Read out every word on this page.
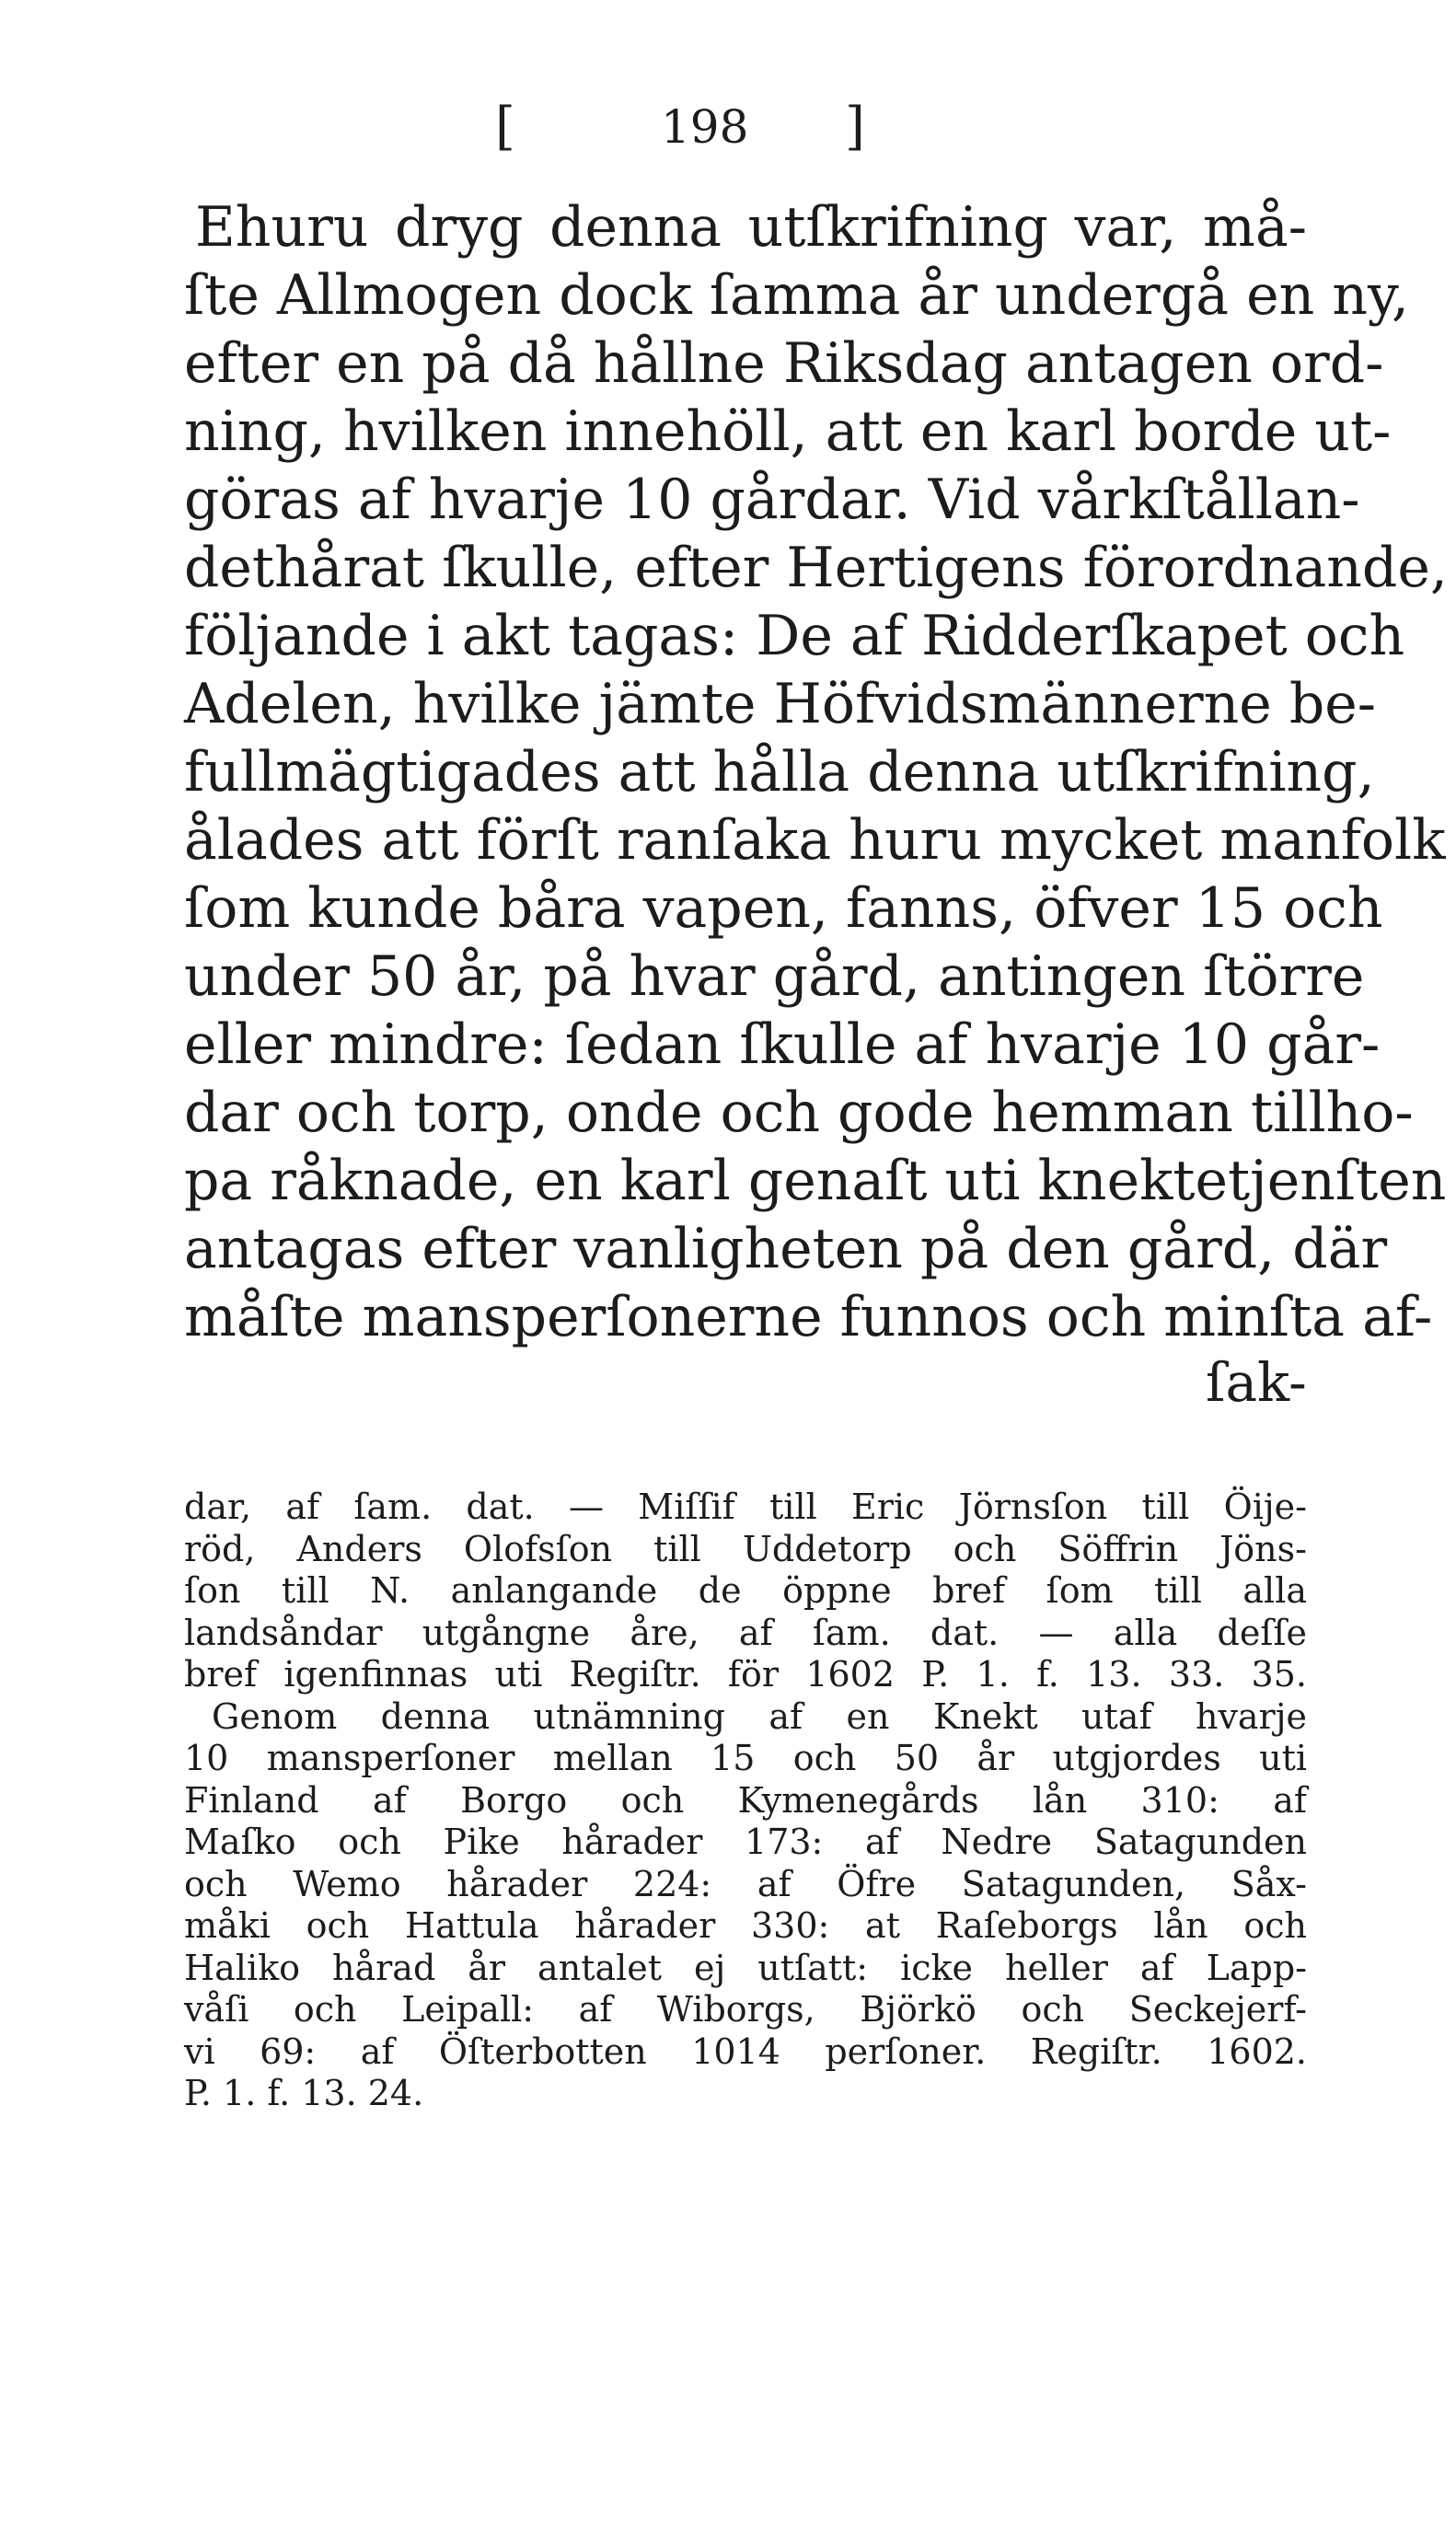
[	198 ]
Ehuru dryg denna utſkrifning var, må-
ſte Allmogen dock ſamma år undergå en ny,
efter en på då hållne Riksdag antagen ord-
ning, hvilken innehöll, att en karl borde ut-
göras af hvarje 10 gårdar. Vid vårkſtållan-
dethårat ſkulle, efter Hertigens förordnande,
följande i akt tagas: De af Ridderſkapet och
Adelen, hvilke jämte Höfvidsmännerne be-
fullmägtigades att hålla denna utſkrifning,
ålades att förſt ranſaka huru mycket manfolk
ſom kunde båra vapen, fanns, öfver 15 och
under 50 år, på hvar gård, antingen ſtörre
eller mindre: ſedan ſkulle af hvarje 10 går-
dar och torp, onde och gode hemman tillho-
pa råknade, en karl genaſt uti knektetjenſten
antagas efter vanligheten på den gård, där
måſte mansperſonerne funnos och minſta af-
ſak-
dar, af ſam. dat. — Miſſif till Eric Jörnsſon till Öije-
röd, Anders Olofsſon till Uddetorp och Söffrin Jöns-
ſon till N. anlangande de öppne bref ſom till alla
landsåndar utgångne åre, af ſam. dat. — alla deſſe
bref igenfinnas uti Regiſtr. för 1602 P. 1. f. 13. 33. 35.
Genom denna utnämning af en Knekt utaf hvarje
10 mansperſoner mellan 15 och 50 år utgjordes uti
Finland af Borgo och Kymenegårds lån 310: af
Maſko och Pike hårader 173: af Nedre Satagunden
och Wemo hårader 224: af Öfre Satagunden, Såx-
måki och Hattula hårader 330: at Raſeborgs lån och
Haliko hårad år antalet ej utſatt: icke heller af Lapp-
våſi och Leipall: af Wiborgs, Björkö och Seckejerf-
vi 69: af Öſterbotten 1014 perſoner. Regiſtr. 1602.
P. 1. f. 13. 24.
